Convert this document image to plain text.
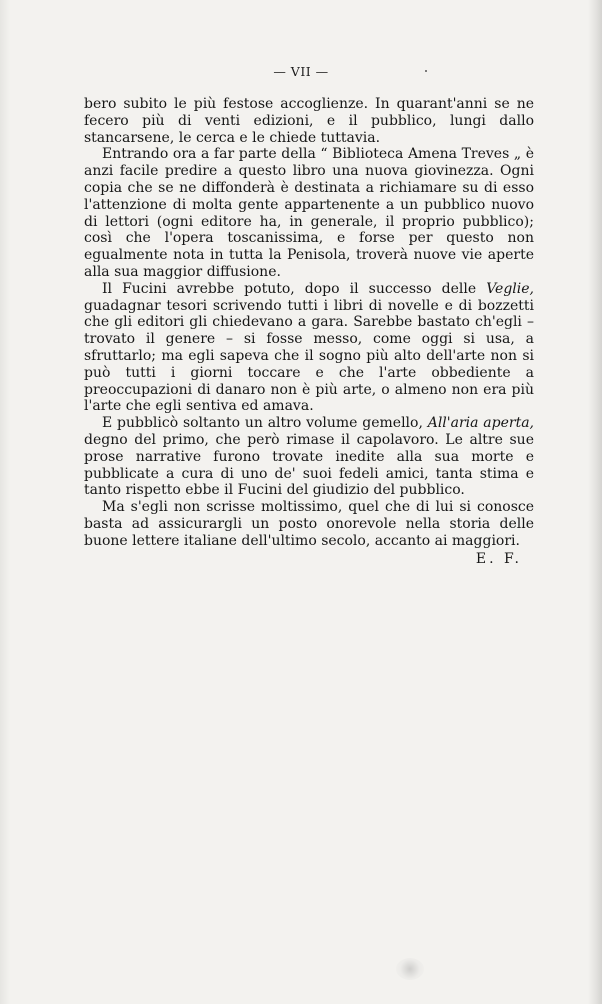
— VII —

bero subito le più festose accoglienze. In quarant'anni se ne fecero più di venti edizioni, e il pubblico, lungi dallo stancarsene, le cerca e le chiede tuttavia.

Entrando ora a far parte della “ Biblioteca Amena Treves „ è anzi facile predire a questo libro una nuova giovinezza. Ogni copia che se ne diffonderà è destinata a richiamare su di esso l'attenzione di molta gente appartenente a un pubblico nuovo di lettori (ogni editore ha, in generale, il proprio pubblico); così che l'opera toscanissima, e forse per questo non egualmente nota in tutta la Penisola, troverà nuove vie aperte alla sua maggior diffusione.

Il Fucini avrebbe potuto, dopo il successo delle Veglie, guadagnar tesori scrivendo tutti i libri di novelle e di bozzetti che gli editori gli chiedevano a gara. Sarebbe bastato ch'egli – trovato il genere – si fosse messo, come oggi si usa, a sfruttarlo; ma egli sapeva che il sogno più alto dell'arte non si può tutti i giorni toccare e che l'arte obbediente a preoccupazioni di danaro non è più arte, o almeno non era più l'arte che egli sentiva ed amava.

E pubblicò soltanto un altro volume gemello, All'aria aperta, degno del primo, che però rimase il capolavoro. Le altre sue prose narrative furono trovate inedite alla sua morte e pubblicate a cura di uno de' suoi fedeli amici, tanta stima e tanto rispetto ebbe il Fucini del giudizio del pubblico.

Ma s'egli non scrisse moltissimo, quel che di lui si conosce basta ad assicurargli un posto onorevole nella storia delle buone lettere italiane dell'ultimo secolo, accanto ai maggiori.

E. F.
